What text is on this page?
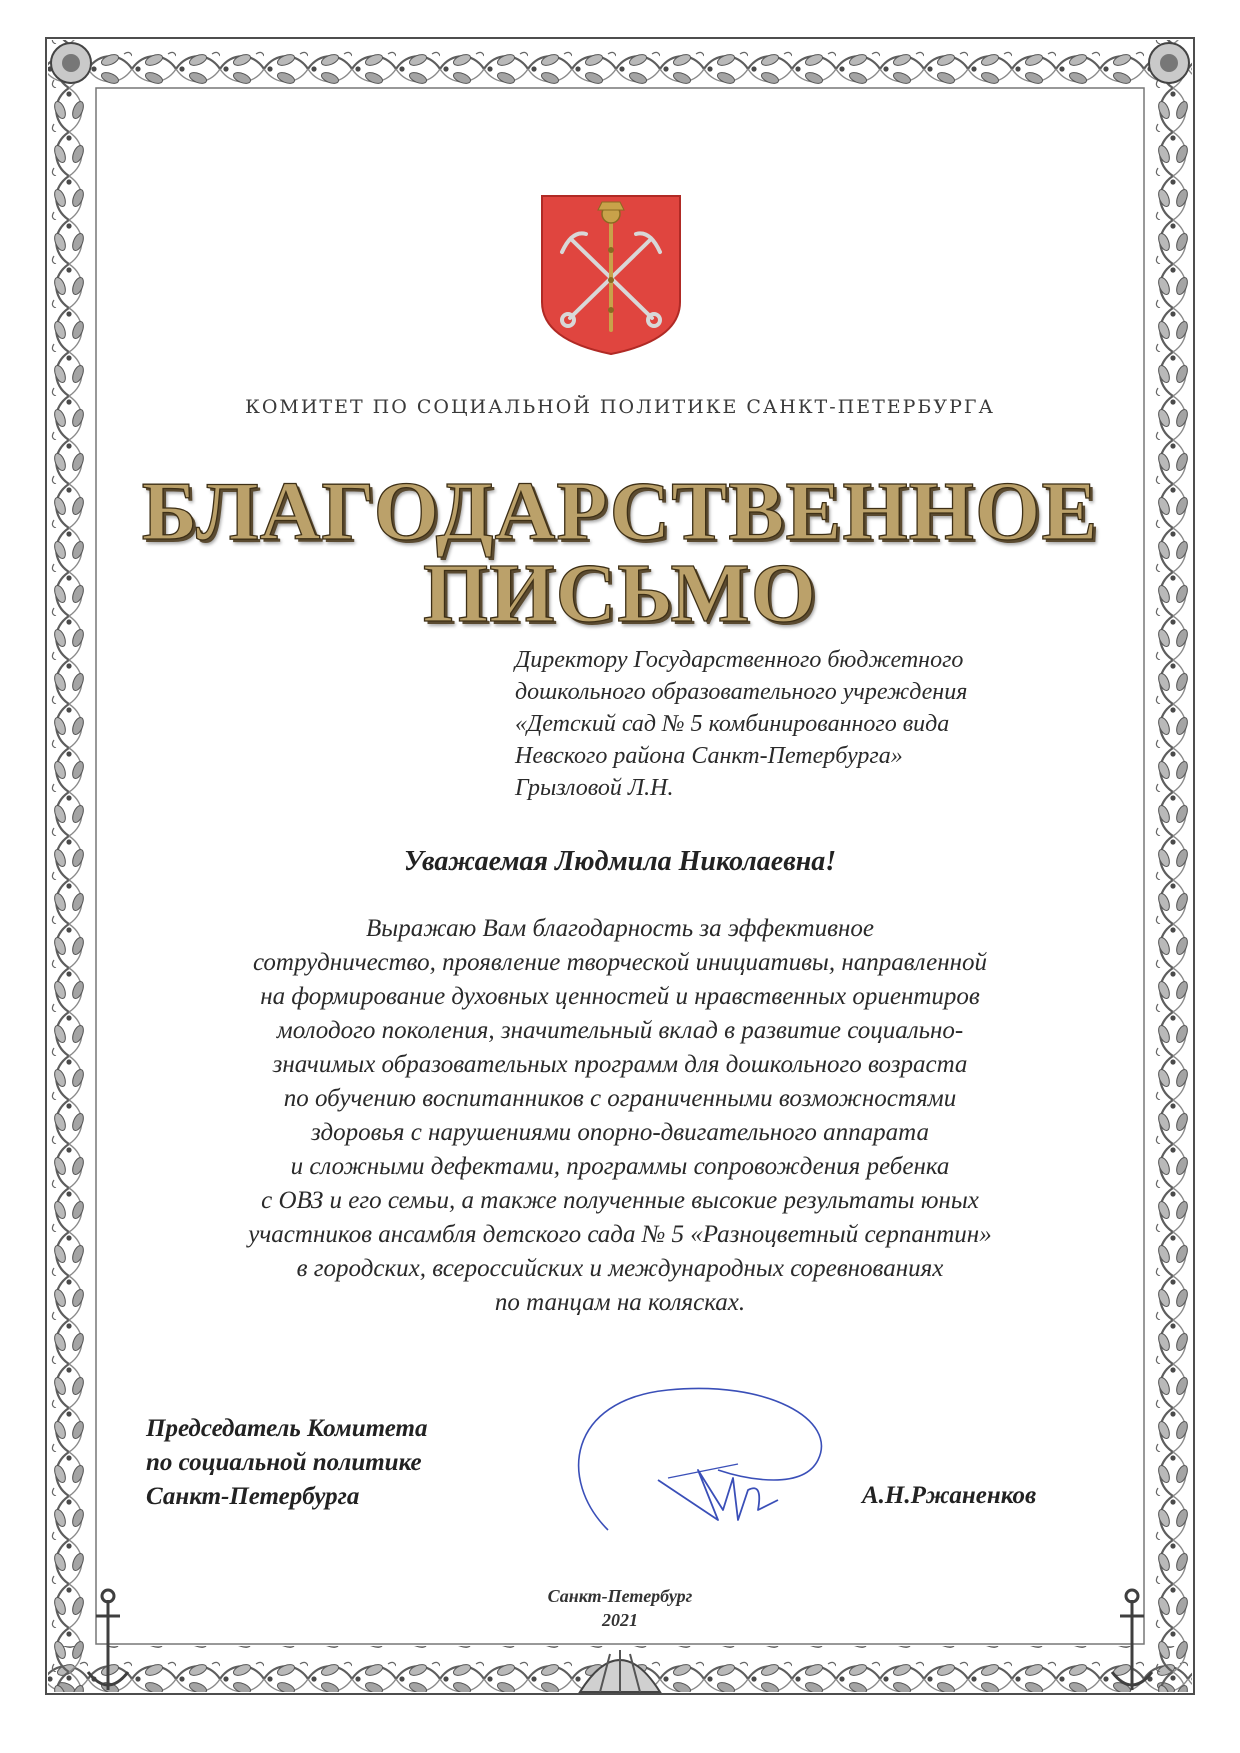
КОМИТЕТ ПО СОЦИАЛЬНОЙ ПОЛИТИКЕ САНКТ-ПЕТЕРБУРГА
БЛАГОДАРСТВЕННОЕ
ПИСЬМО
Директору Государственного бюджетного
дошкольного образовательного учреждения
«Детский сад № 5 комбинированного вида
Невского района Санкт-Петербурга»
Грызловой Л.Н.
Уважаемая Людмила Николаевна!
Выражаю Вам благодарность за эффективное
сотрудничество, проявление творческой инициативы, направленной
на формирование духовных ценностей и нравственных ориентиров
молодого поколения, значительный вклад в развитие социально-
значимых образовательных программ для дошкольного возраста
по обучению воспитанников с ограниченными возможностями
здоровья с нарушениями опорно-двигательного аппарата
и сложными дефектами, программы сопровождения ребенка
с ОВЗ и его семьи, а также полученные высокие результаты юных
участников ансамбля детского сада № 5 «Разноцветный серпантин»
в городских, всероссийских и международных соревнованиях
по танцам на колясках.
Председатель Комитета
по социальной политике
Санкт-Петербурга	А.Н.Ржаненков
Санкт-Петербург
2021
